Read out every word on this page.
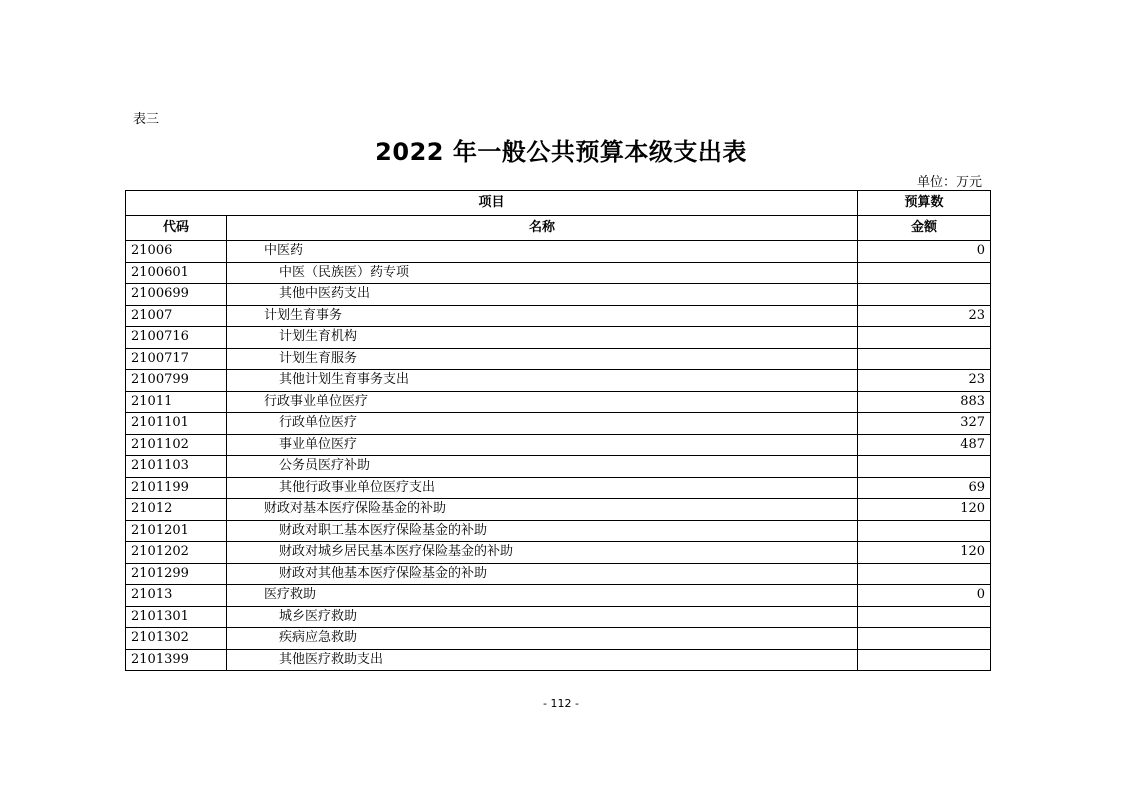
表三
2022 年一般公共预算本级支出表
单位：万元
项目		预算数
代码	名称	金额
21006	中医药	0
2100601	中医（民族医）药专项	
2100699	其他中医药支出	
21007	计划生育事务	23
2100716	计划生育机构	
2100717	计划生育服务	
2100799	其他计划生育事务支出	23
21011	行政事业单位医疗	883
2101101	行政单位医疗	327
2101102	事业单位医疗	487
2101103	公务员医疗补助	
2101199	其他行政事业单位医疗支出	69
21012	财政对基本医疗保险基金的补助	120
2101201	财政对职工基本医疗保险基金的补助	
2101202	财政对城乡居民基本医疗保险基金的补助	120
2101299	财政对其他基本医疗保险基金的补助	
21013	医疗救助	0
2101301	城乡医疗救助	
2101302	疾病应急救助	
2101399	其他医疗救助支出	
- 112 -
